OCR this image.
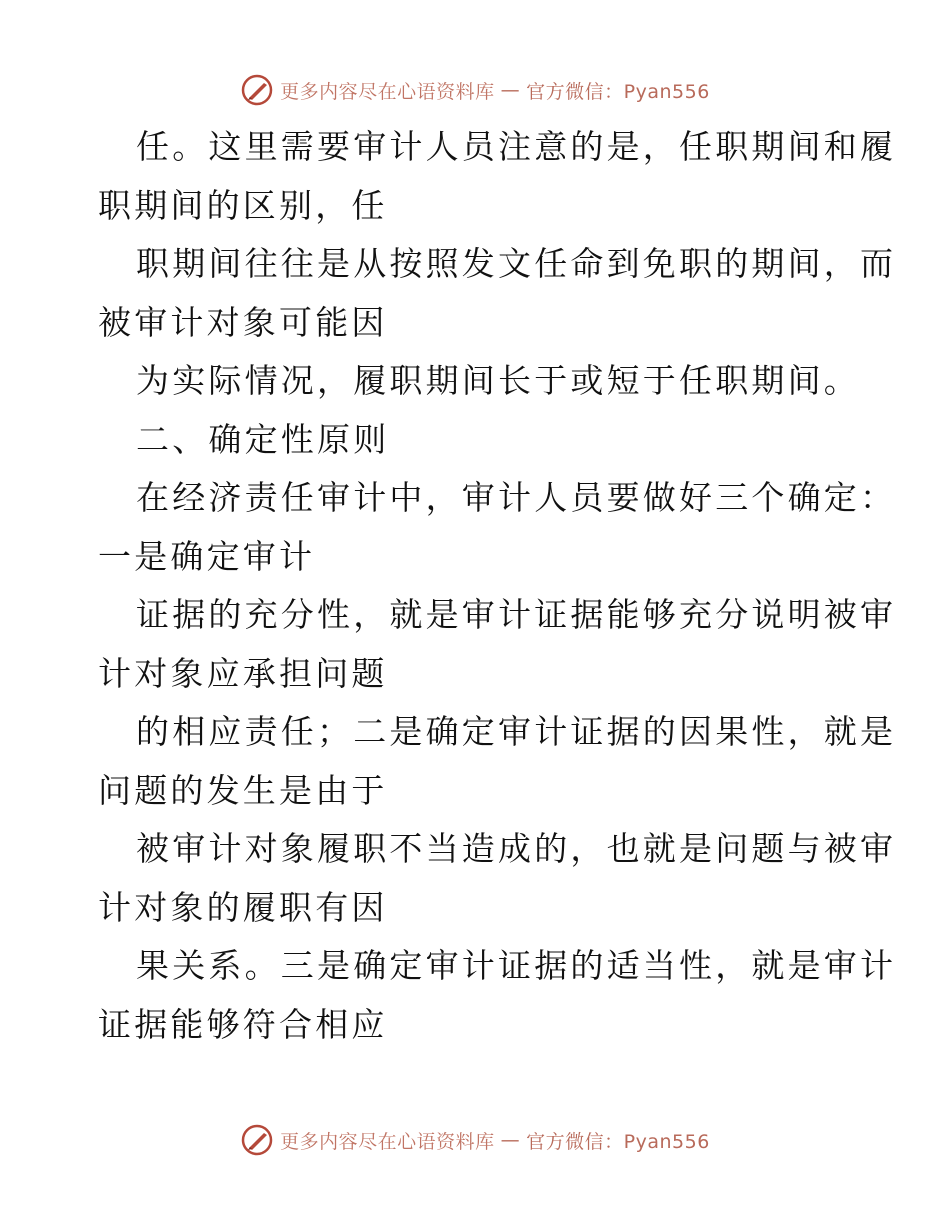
更多内容尽在心语资料库 — 官方微信：Pyan556

任。这里需要审计人员注意的是，任职期间和履

职期间的区别，任

职期间往往是从按照发文任命到免职的期间，而

被审计对象可能因

为实际情况，履职期间长于或短于任职期间。

二、确定性原则

在经济责任审计中，审计人员要做好三个确定：

一是确定审计

证据的充分性，就是审计证据能够充分说明被审

计对象应承担问题

的相应责任；二是确定审计证据的因果性，就是

问题的发生是由于

被审计对象履职不当造成的，也就是问题与被审

计对象的履职有因

果关系。三是确定审计证据的适当性，就是审计

证据能够符合相应

更多内容尽在心语资料库 — 官方微信：Pyan556
